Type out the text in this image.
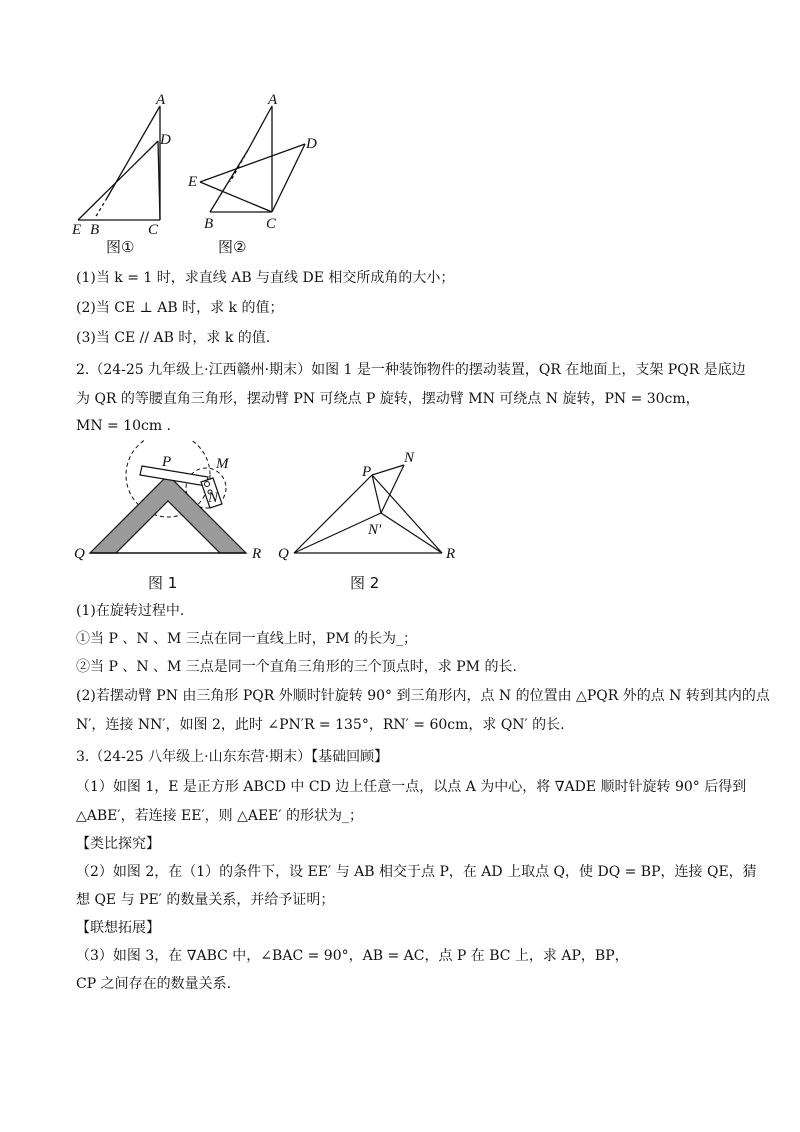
A
D
E B	C
图①
A
D
E
B	C
图②
(1)当 k = 1 时，求直线 AB 与直线 DE 相交所成角的大小；
(2)当 CE ⊥ AB 时，求 k 的值；
(3)当 CE // AB 时，求 k 的值.
2.（24-25 九年级上·江西赣州·期末）如图 1 是一种装饰物件的摆动装置，QR 在地面上，支架 PQR 是底边
为 QR 的等腰直角三角形，摆动臂 PN 可绕点 P 旋转，摆动臂 MN 可绕点 N 旋转，PN = 30cm，
MN = 10cm .
P	M
N
Q	R
图 1
P
N
N′
Q	R
图 2
(1)在旋转过程中.
①当 P 、N 、M 三点在同一直线上时，PM 的长为_；
②当 P 、N 、M 三点是同一个直角三角形的三个顶点时，求 PM 的长.
(2)若摆动臂 PN 由三角形 PQR 外顺时针旋转 90° 到三角形内，点 N 的位置由 △PQR 外的点 N 转到其内的点
N′，连接 NN′，如图 2，此时 ∠PN′R = 135°，RN′ = 60cm，求 QN′ 的长.
3.（24-25 八年级上·山东东营·期末）【基础回顾】
（1）如图 1，E 是正方形 ABCD 中 CD 边上任意一点，以点 A 为中心，将 ∇ADE 顺时针旋转 90° 后得到
△ABE′，若连接 EE′，则 △AEE′ 的形状为_；
【类比探究】
（2）如图 2，在（1）的条件下，设 EE′ 与 AB 相交于点 P，在 AD 上取点 Q，使 DQ = BP，连接 QE，猜
想 QE 与 PE′ 的数量关系，并给予证明；
【联想拓展】
（3）如图 3，在 ∇ABC 中，∠BAC = 90°，AB = AC，点 P 在 BC 上，求 AP，BP，
CP 之间存在的数量关系.
